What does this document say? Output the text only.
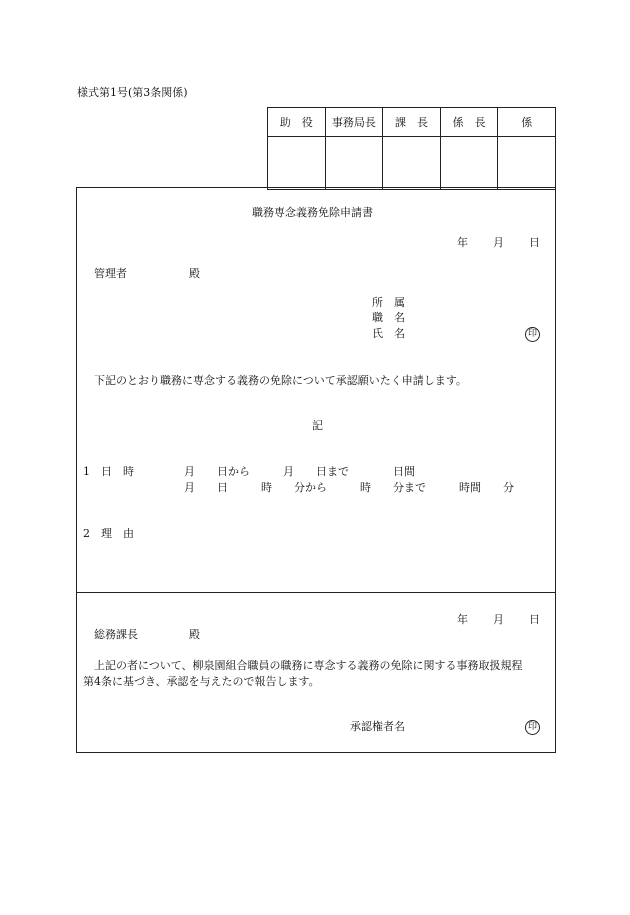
様式第1号(第3条関係)
助　役	事務局長	課　長	係　長	係

職務専念義務免除申請書
年 月 日
管理者	殿
所　属
職　名
氏　名	印
下記のとおり職務に専念する義務の免除について承認願いたく申請します。
記
1　日　時	月　　日から　　　月　　日まで　　　　日間
月　　日　　　時　　分から　　　時　　分まで　　　時間　　分
2　理　由
年 月 日
総務課長	殿
上記の者について、柳泉園組合職員の職務に専念する義務の免除に関する事務取扱規程
第4条に基づき、承認を与えたので報告します。
承認権者名	印
